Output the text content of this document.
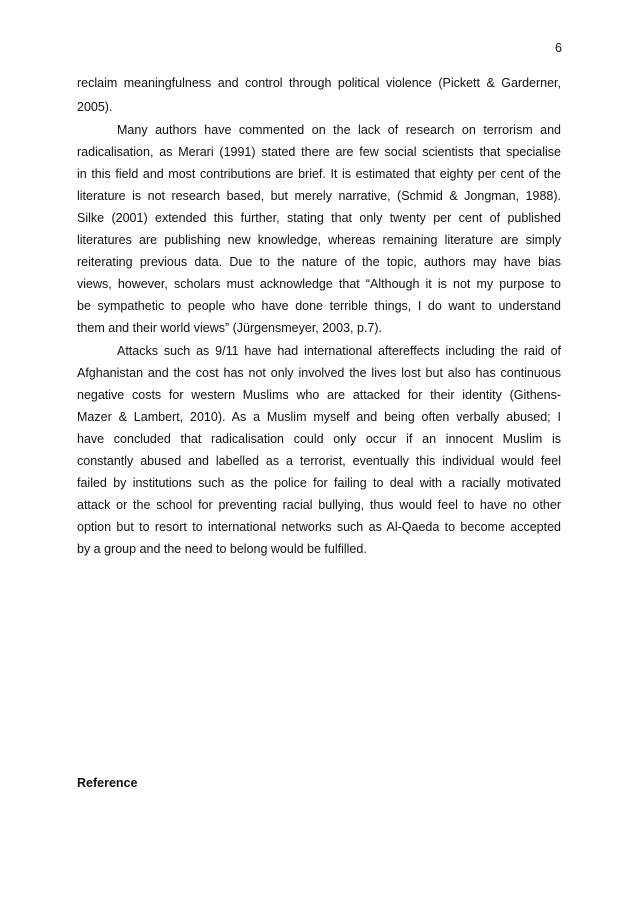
6
reclaim meaningfulness and control through political violence (Pickett & Garderner,
2005).
Many authors have commented on the lack of research on terrorism and
radicalisation, as Merari (1991) stated there are few social scientists that specialise
in this field and most contributions are brief. It is estimated that eighty per cent of the
literature is not research based, but merely narrative, (Schmid & Jongman, 1988).
Silke (2001) extended this further, stating that only twenty per cent of published
literatures are publishing new knowledge, whereas remaining literature are simply
reiterating previous data. Due to the nature of the topic, authors may have bias
views, however, scholars must acknowledge that “Although it is not my purpose to
be sympathetic to people who have done terrible things, I do want to understand
them and their world views” (Jürgensmeyer, 2003, p.7).
Attacks such as 9/11 have had international aftereffects including the raid of
Afghanistan and the cost has not only involved the lives lost but also has continuous
negative costs for western Muslims who are attacked for their identity (Githens-
Mazer & Lambert, 2010). As a Muslim myself and being often verbally abused; I
have concluded that radicalisation could only occur if an innocent Muslim is
constantly abused and labelled as a terrorist, eventually this individual would feel
failed by institutions such as the police for failing to deal with a racially motivated
attack or the school for preventing racial bullying, thus would feel to have no other
option but to resort to international networks such as Al-Qaeda to become accepted
by a group and the need to belong would be fulfilled.
Reference
